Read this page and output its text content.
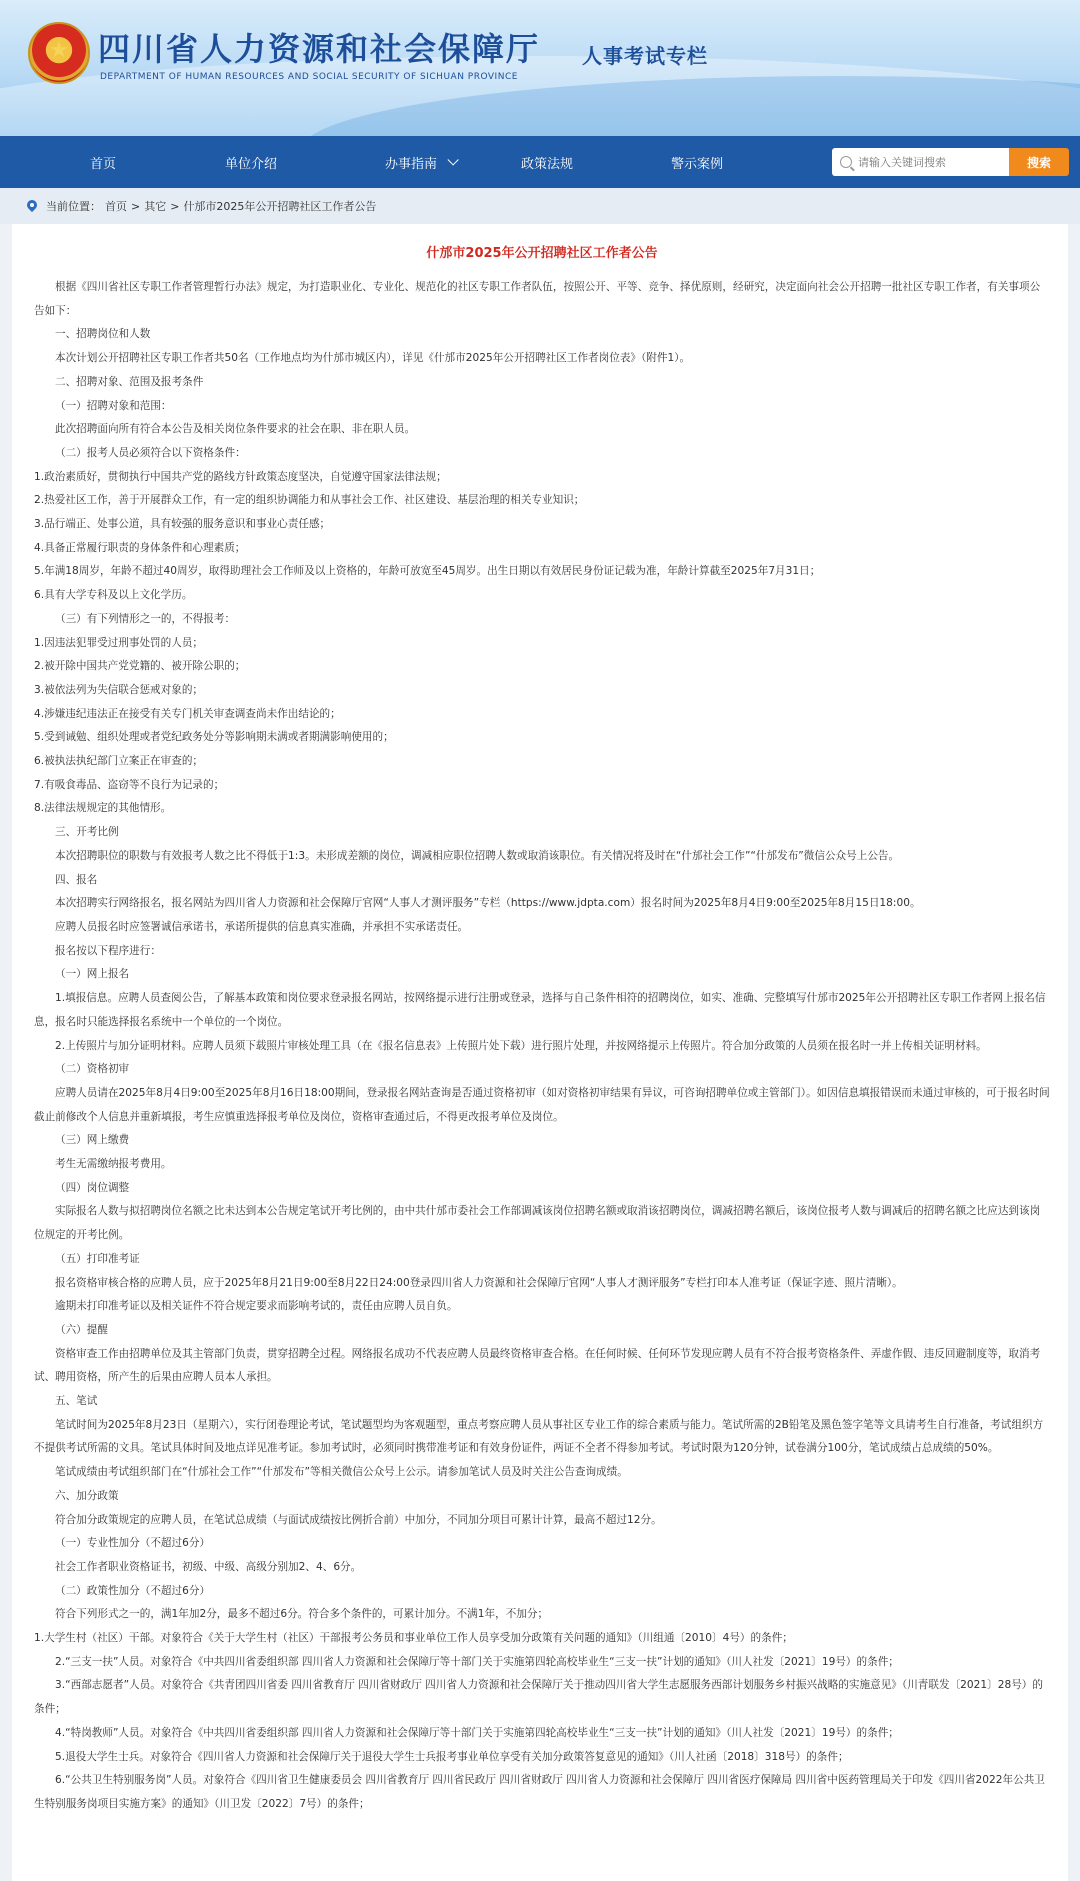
★ 四川省人力资源和社会保障厅
DEPARTMENT OF HUMAN RESOURCES AND SOCIAL SECURITY OF SICHUAN PROVINCE
人事考试专栏
首页	单位介绍	办事指南	政策法规	警示案例
请输入关键词搜索	搜索
当前位置： 首页 > 其它 > 什邡市2025年公开招聘社区工作者公告
什邡市2025年公开招聘社区工作者公告

根据《四川省社区专职工作者管理暂行办法》规定，为打造职业化、专业化、规范化的社区专职工作者队伍，按照公开、平等、竞争、择优原则，经研究，决定面向社会公开招聘一批社区专职工作者，有关事项公告如下：

一、招聘岗位和人数

本次计划公开招聘社区专职工作者共50名（工作地点均为什邡市城区内），详见《什邡市2025年公开招聘社区工作者岗位表》（附件1）。

二、招聘对象、范围及报考条件

（一）招聘对象和范围：

此次招聘面向所有符合本公告及相关岗位条件要求的社会在职、非在职人员。

（二）报考人员必须符合以下资格条件：

1.政治素质好，贯彻执行中国共产党的路线方针政策态度坚决，自觉遵守国家法律法规；

2.热爱社区工作，善于开展群众工作，有一定的组织协调能力和从事社会工作、社区建设、基层治理的相关专业知识；

3.品行端正、处事公道，具有较强的服务意识和事业心责任感；

4.具备正常履行职责的身体条件和心理素质；

5.年满18周岁，年龄不超过40周岁，取得助理社会工作师及以上资格的，年龄可放宽至45周岁。出生日期以有效居民身份证记载为准，年龄计算截至2025年7月31日；

6.具有大学专科及以上文化学历。

（三）有下列情形之一的，不得报考：

1.因违法犯罪受过刑事处罚的人员；

2.被开除中国共产党党籍的、被开除公职的；

3.被依法列为失信联合惩戒对象的；

4.涉嫌违纪违法正在接受有关专门机关审查调查尚未作出结论的；

5.受到诫勉、组织处理或者党纪政务处分等影响期未满或者期满影响使用的；

6.被执法执纪部门立案正在审查的；

7.有吸食毒品、盗窃等不良行为记录的；

8.法律法规规定的其他情形。

三、开考比例

本次招聘职位的职数与有效报考人数之比不得低于1:3。未形成差额的岗位，调减相应职位招聘人数或取消该职位。有关情况将及时在“什邡社会工作”“什邡发布”微信公众号上公告。

四、报名

本次招聘实行网络报名，报名网站为四川省人力资源和社会保障厅官网“人事人才测评服务”专栏（https://www.jdpta.com）报名时间为2025年8月4日9:00至2025年8月15日18:00。

应聘人员报名时应签署诚信承诺书，承诺所提供的信息真实准确，并承担不实承诺责任。

报名按以下程序进行：

（一）网上报名

1.填报信息。应聘人员查阅公告，了解基本政策和岗位要求登录报名网站，按网络提示进行注册或登录，选择与自己条件相符的招聘岗位，如实、准确、完整填写什邡市2025年公开招聘社区专职工作者网上报名信息，报名时只能选择报名系统中一个单位的一个岗位。

2.上传照片与加分证明材料。应聘人员须下载照片审核处理工具（在《报名信息表》上传照片处下载）进行照片处理，并按网络提示上传照片。符合加分政策的人员须在报名时一并上传相关证明材料。

（二）资格初审

应聘人员请在2025年8月4日9:00至2025年8月16日18:00期间，登录报名网站查询是否通过资格初审（如对资格初审结果有异议，可咨询招聘单位或主管部门）。如因信息填报错误而未通过审核的，可于报名时间截止前修改个人信息并重新填报，考生应慎重选择报考单位及岗位，资格审查通过后，不得更改报考单位及岗位。

（三）网上缴费

考生无需缴纳报考费用。

（四）岗位调整

实际报名人数与拟招聘岗位名额之比未达到本公告规定笔试开考比例的，由中共什邡市委社会工作部调减该岗位招聘名额或取消该招聘岗位，调减招聘名额后，该岗位报考人数与调减后的招聘名额之比应达到该岗位规定的开考比例。

（五）打印准考证

报名资格审核合格的应聘人员，应于2025年8月21日9:00至8月22日24:00登录四川省人力资源和社会保障厅官网“人事人才测评服务”专栏打印本人准考证（保证字迹、照片清晰）。

逾期未打印准考证以及相关证件不符合规定要求而影响考试的，责任由应聘人员自负。

（六）提醒

资格审查工作由招聘单位及其主管部门负责，贯穿招聘全过程。网络报名成功不代表应聘人员最终资格审查合格。在任何时候、任何环节发现应聘人员有不符合报考资格条件、弄虚作假、违反回避制度等，取消考试、聘用资格，所产生的后果由应聘人员本人承担。

五、笔试

笔试时间为2025年8月23日（星期六），实行闭卷理论考试，笔试题型均为客观题型，重点考察应聘人员从事社区专业工作的综合素质与能力。笔试所需的2B铅笔及黑色签字笔等文具请考生自行准备，考试组织方不提供考试所需的文具。笔试具体时间及地点详见准考证。参加考试时，必须同时携带准考证和有效身份证件，两证不全者不得参加考试。考试时限为120分钟，试卷满分100分，笔试成绩占总成绩的50%。

笔试成绩由考试组织部门在“什邡社会工作”“什邡发布”等相关微信公众号上公示。请参加笔试人员及时关注公告查询成绩。

六、加分政策

符合加分政策规定的应聘人员，在笔试总成绩（与面试成绩按比例折合前）中加分，不同加分项目可累计计算，最高不超过12分。

（一）专业性加分（不超过6分）

社会工作者职业资格证书，初级、中级、高级分别加2、4、6分。

（二）政策性加分（不超过6分）

符合下列形式之一的，满1年加2分，最多不超过6分。符合多个条件的，可累计加分。不满1年，不加分；

1.大学生村（社区）干部。对象符合《关于大学生村（社区）干部报考公务员和事业单位工作人员享受加分政策有关问题的通知》（川组通〔2010〕4号）的条件；

2.“三支一扶”人员。对象符合《中共四川省委组织部 四川省人力资源和社会保障厅等十部门关于实施第四轮高校毕业生“三支一扶”计划的通知》（川人社发〔2021〕19号）的条件；

3.“西部志愿者”人员。对象符合《共青团四川省委 四川省教育厅 四川省财政厅 四川省人力资源和社会保障厅关于推动四川省大学生志愿服务西部计划服务乡村振兴战略的实施意见》（川青联发〔2021〕28号）的条件；

4.“特岗教师”人员。对象符合《中共四川省委组织部 四川省人力资源和社会保障厅等十部门关于实施第四轮高校毕业生“三支一扶”计划的通知》（川人社发〔2021〕19号）的条件；

5.退役大学生士兵。对象符合《四川省人力资源和社会保障厅关于退役大学生士兵报考事业单位享受有关加分政策答复意见的通知》（川人社函〔2018〕318号）的条件；

6.“公共卫生特别服务岗”人员。对象符合《四川省卫生健康委员会 四川省教育厅 四川省民政厅 四川省财政厅 四川省人力资源和社会保障厅 四川省医疗保障局 四川省中医药管理局关于印发《四川省2022年公共卫生特别服务岗项目实施方案》的通知》（川卫发〔2022〕7号）的条件；
